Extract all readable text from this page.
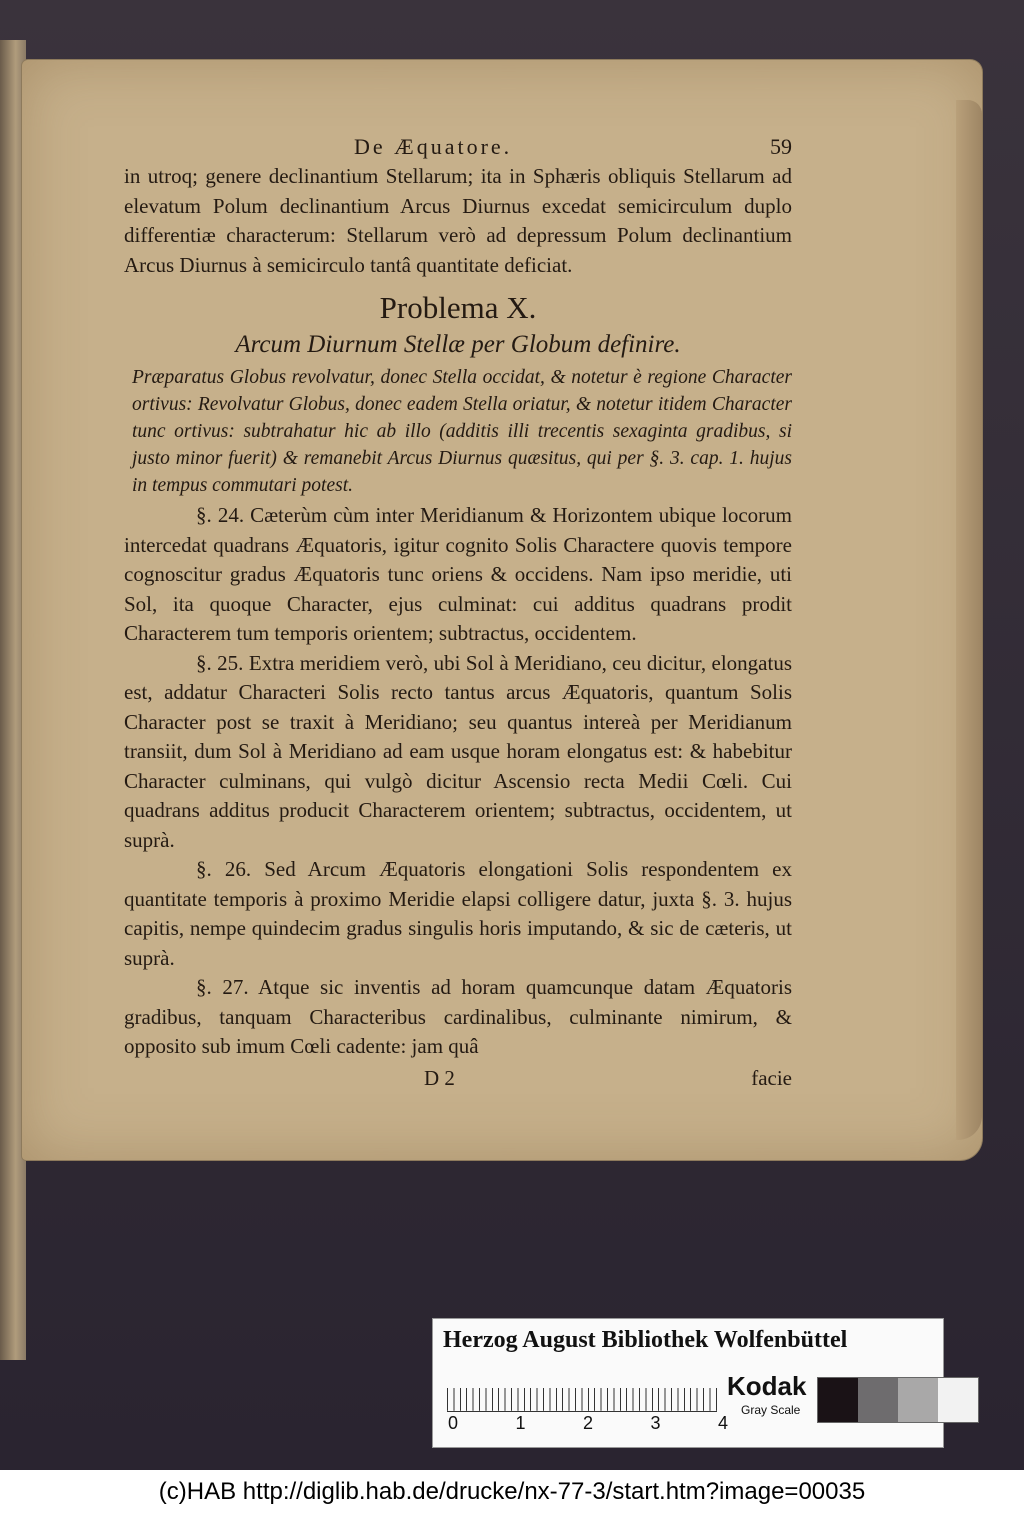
De Æquatore.	59

in utroq; genere declinantium Stellarum; ita in Sphæris obliquis Stellarum ad elevatum Polum declinantium Arcus Diurnus excedat semicirculum duplo differentiæ characterum: Stellarum verò ad depressum Polum declinantium Arcus Diurnus à semicirculo tantâ quantitate deficiat.

Problema X.
Arcum Diurnum Stellæ per Globum definire.

Præparatus Globus revolvatur, donec Stella occidat, & notetur è regione Character ortivus: Revolvatur Globus, donec eadem Stella oriatur, & notetur itidem Character tunc ortivus: subtrahatur hic ab illo (additis illi trecentis sexaginta gradibus, si justo minor fuerit) & remanebit Arcus Diurnus quæsitus, qui per §. 3. cap. 1. hujus in tempus commutari potest.

§. 24. Cæterùm cùm inter Meridianum & Horizontem ubique locorum intercedat quadrans Æquatoris, igitur cognito Solis Charactere quovis tempore cognoscitur gradus Æquatoris tunc oriens & occidens. Nam ipso meridie, uti Sol, ita quoque Character, ejus culminat: cui additus quadrans prodit Characterem tum temporis orientem; subtractus, occidentem.

§. 25. Extra meridiem verò, ubi Sol à Meridiano, ceu dicitur, elongatus est, addatur Characteri Solis recto tantus arcus Æquatoris, quantum Solis Character post se traxit à Meridiano; seu quantus intereà per Meridianum transiit, dum Sol à Meridiano ad eam usque horam elongatus est: & habebitur Character culminans, qui vulgò dicitur Ascensio recta Medii Cœli. Cui quadrans additus producit Characterem orientem; subtractus, occidentem, ut suprà.

§. 26. Sed Arcum Æquatoris elongationi Solis respondentem ex quantitate temporis à proximo Meridie elapsi colligere datur, juxta §. 3. hujus capitis, nempe quindecim gradus singulis horis imputando, & sic de cæteris, ut suprà.

§. 27. Atque sic inventis ad horam quamcunque datam Æquatoris gradibus, tanquam Characteribus cardinalibus, culminante nimirum, & opposito sub imum Cœli cadente: jam quâ

D 2	facie
Herzog August Bibliothek Wolfenbüttel
0	1	2	3	4
Kodak
Gray Scale
(c)HAB http://diglib.hab.de/drucke/nx-77-3/start.htm?image=00035
